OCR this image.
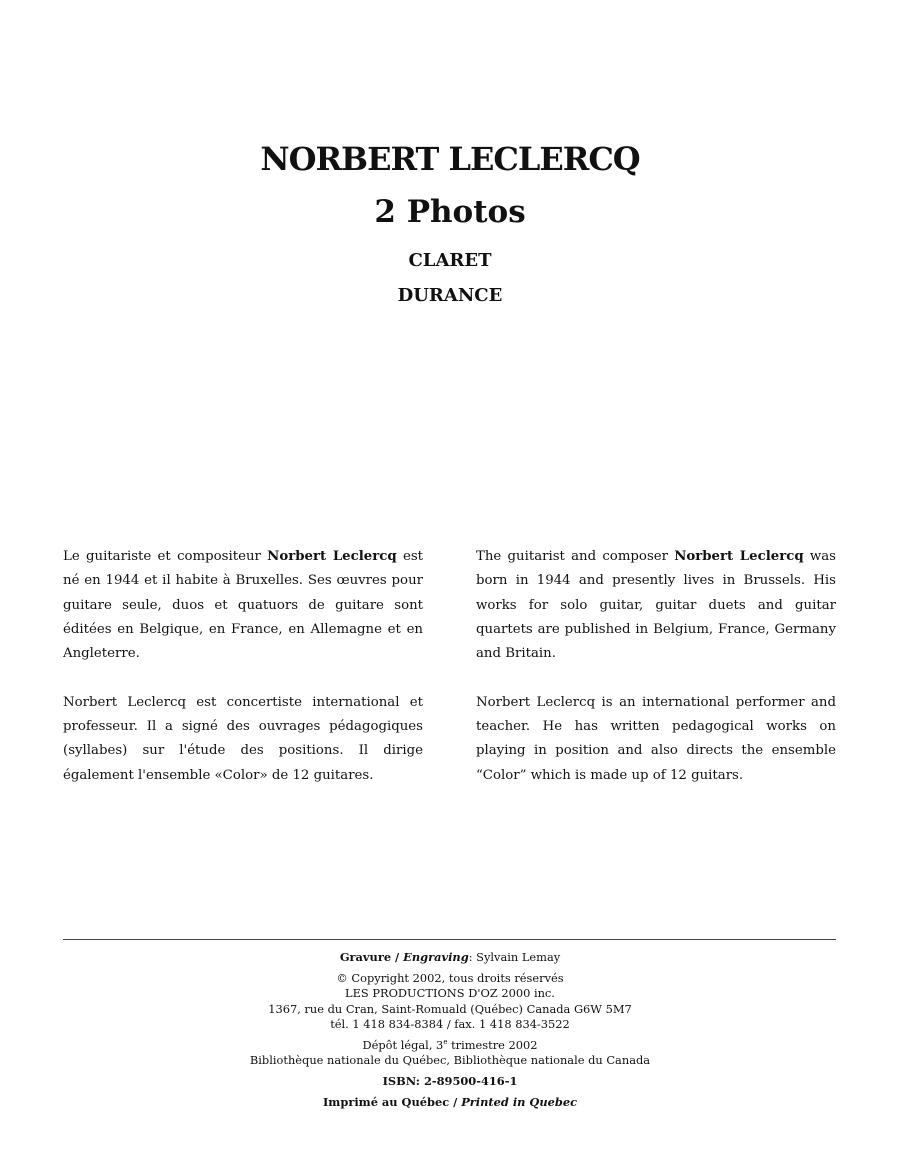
NORBERT LECLERCQ
2 Photos
CLARET
DURANCE

Le guitariste et compositeur Norbert Leclercq est né en 1944 et il habite à Bruxelles. Ses œuvres pour guitare seule, duos et quatuors de guitare sont éditées en Belgique, en France, en Allemagne et en Angleterre.

Norbert Leclercq est concertiste international et professeur. Il a signé des ouvrages pédagogiques (syllabes) sur l'étude des positions. Il dirige également l'ensemble «Color» de 12 guitares.

The guitarist and composer Norbert Leclercq was born in 1944 and presently lives in Brussels. His works for solo guitar, guitar duets and guitar quartets are published in Belgium, France, Germany and Britain.

Norbert Leclercq is an international performer and teacher. He has written pedagogical works on playing in position and also directs the ensemble “Color” which is made up of 12 guitars.

Gravure / Engraving: Sylvain Lemay
© Copyright 2002, tous droits réservés
LES PRODUCTIONS D'OZ 2000 inc.
1367, rue du Cran, Saint-Romuald (Québec) Canada G6W 5M7
tél. 1 418 834-8384 / fax. 1 418 834-3522
Dépôt légal, 3e trimestre 2002
Bibliothèque nationale du Québec, Bibliothèque nationale du Canada
ISBN: 2-89500-416-1
Imprimé au Québec / Printed in Quebec
